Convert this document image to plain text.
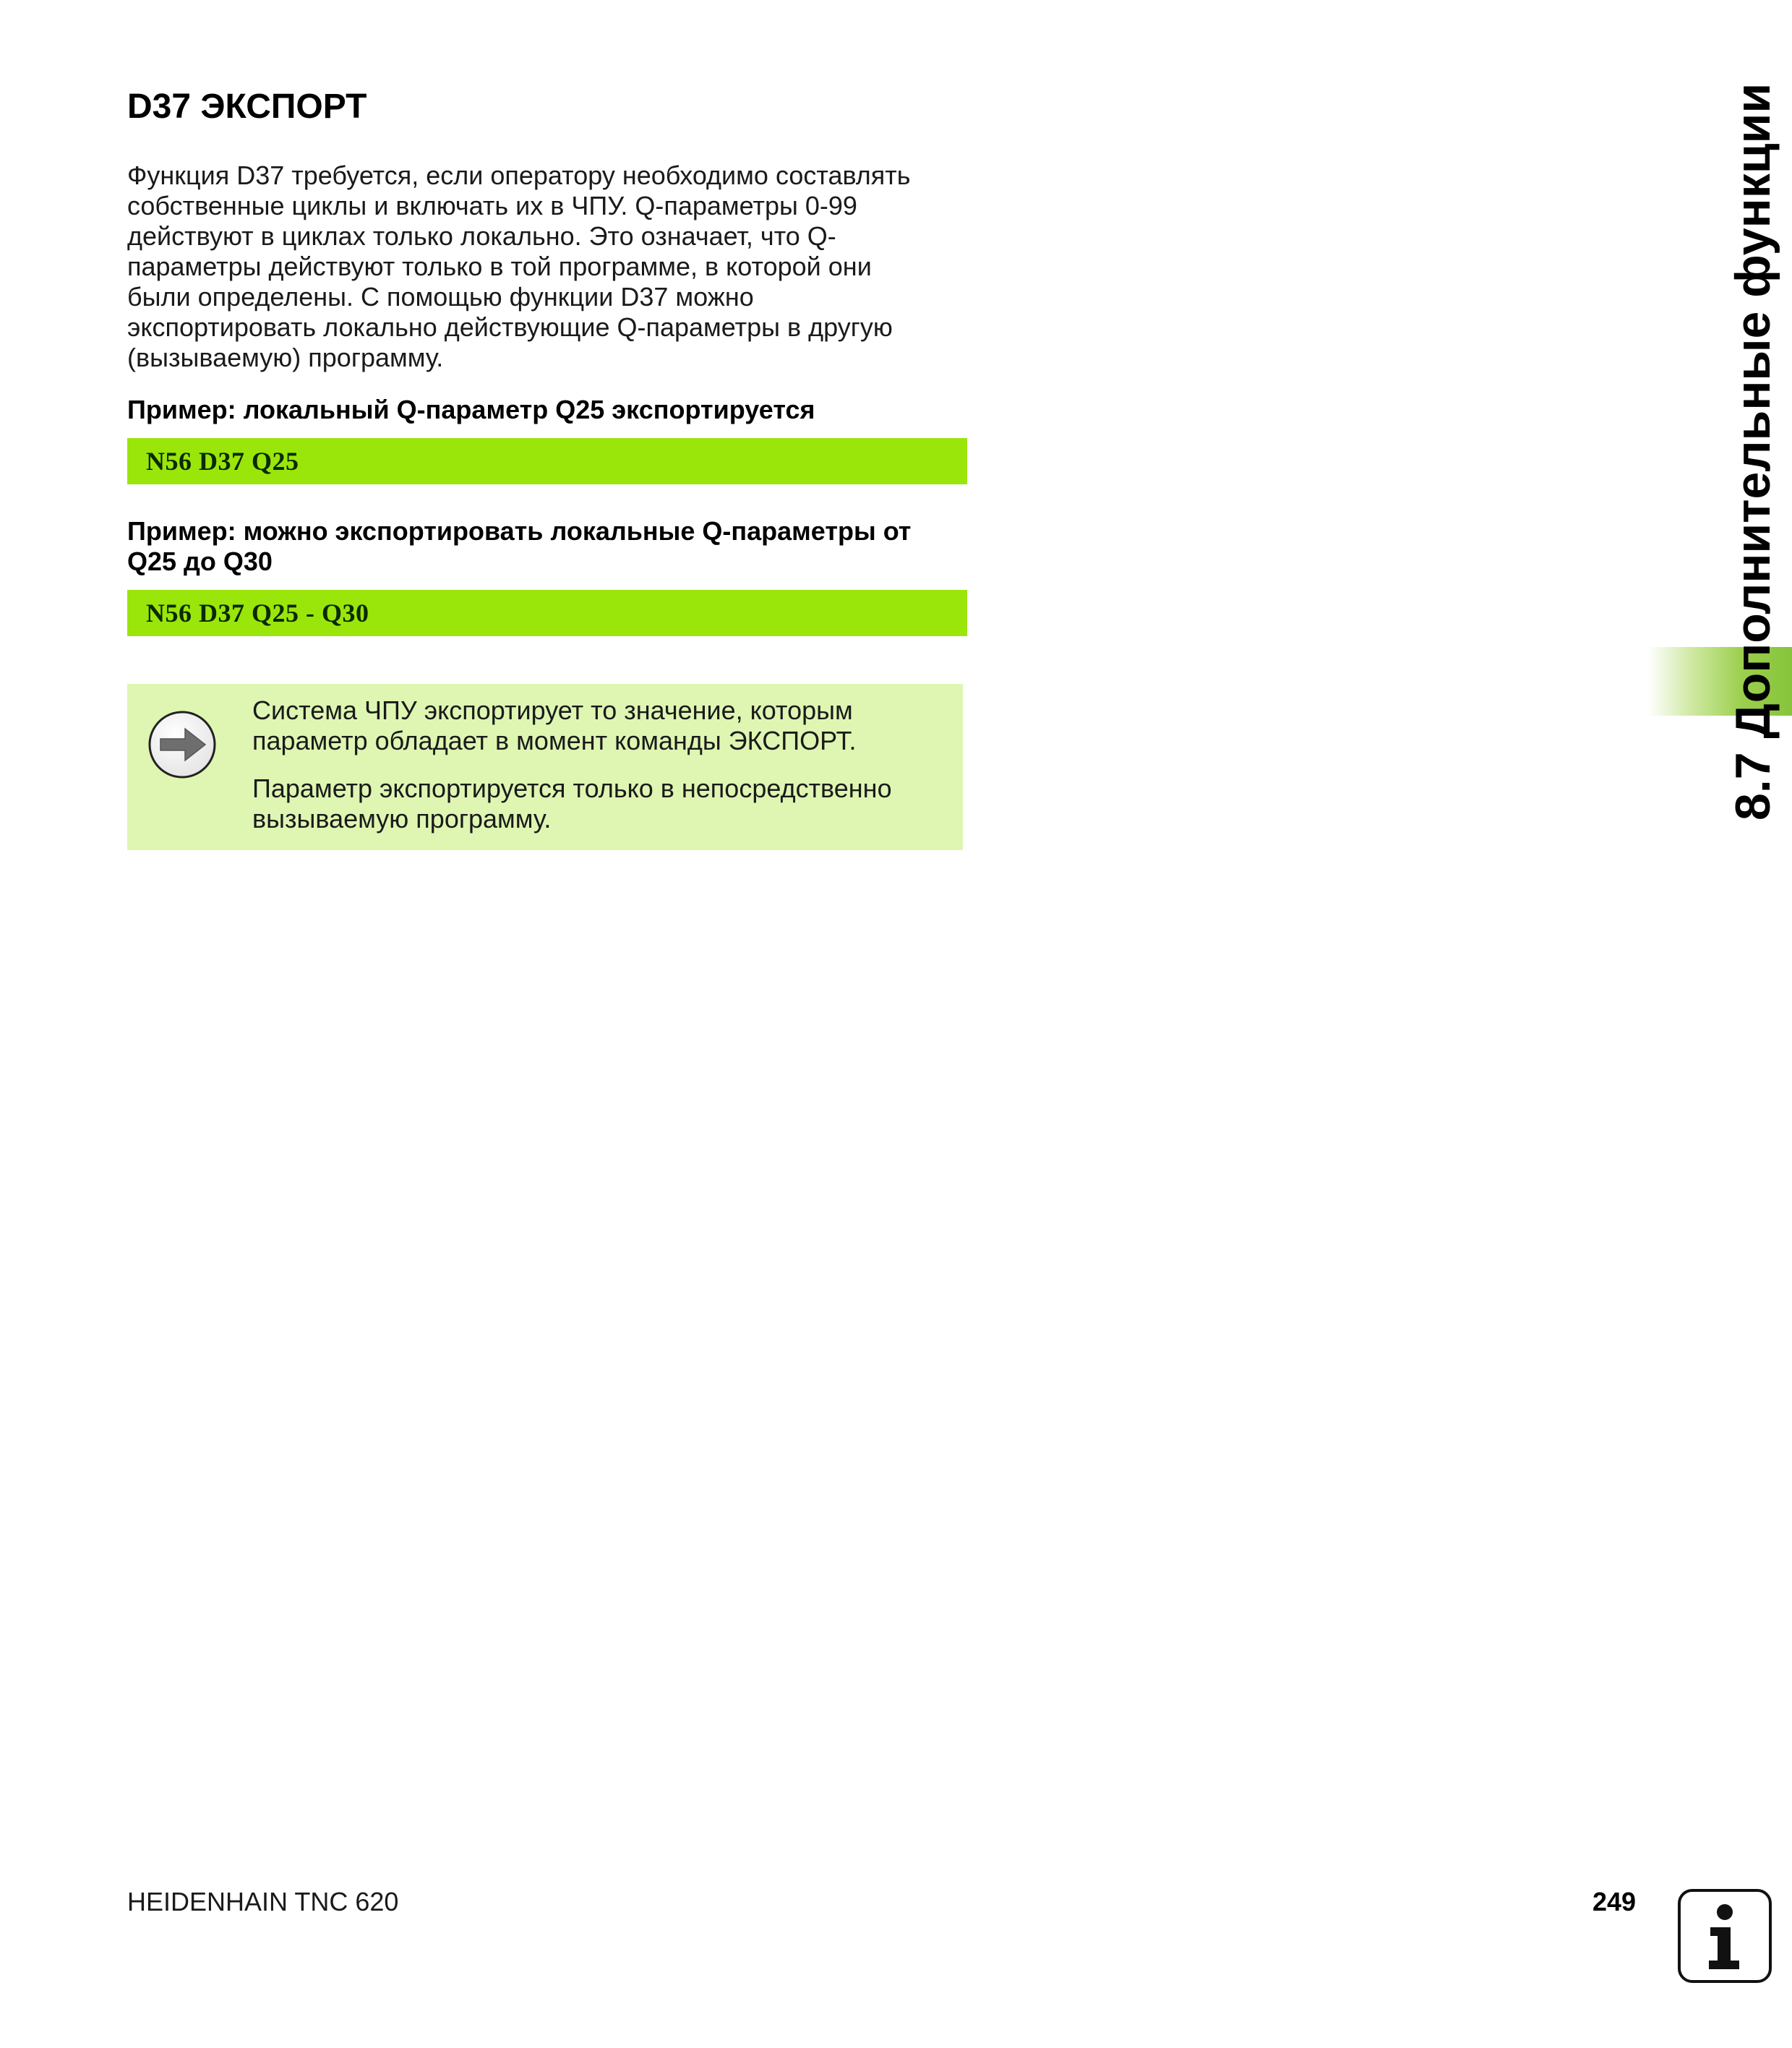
D37 ЭКСПОРТ
Функция D37 требуется, если оператору необходимо составлять
собственные циклы и включать их в ЧПУ. Q-параметры 0-99
действуют в циклах только локально. Это означает, что Q-
параметры действуют только в той программе, в которой они
были определены. С помощью функции D37 можно
экспортировать локально действующие Q-параметры в другую
(вызываемую) программу.
Пример: локальный Q-параметр Q25 экспортируется
N56 D37 Q25
Пример: можно экспортировать локальные Q-параметры от
Q25 до Q30
N56 D37 Q25 - Q30

Система ЧПУ экспортирует то значение, которым
параметр обладает в момент команды ЭКСПОРТ.

Параметр экспортируется только в непосредственно
вызываемую программу.	8.7 Дополнительные функции
HEIDENHAIN TNC 620	249
